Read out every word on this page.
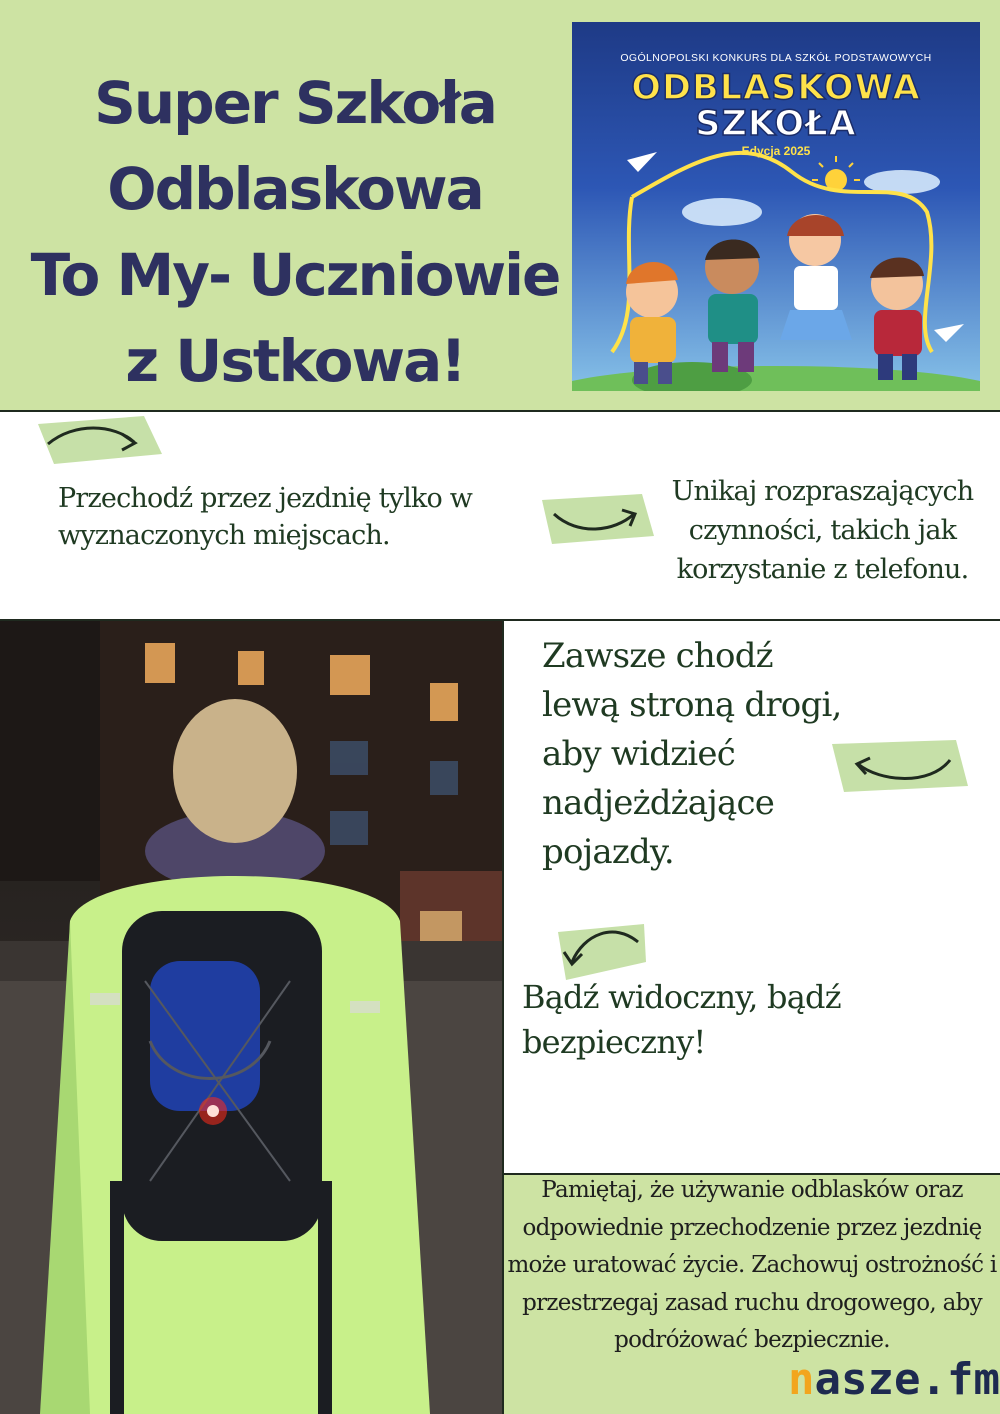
Super Szkoła
Odblaskowa
To My- Uczniowie
z Ustkowa!
OGÓLNOPOLSKI KONKURS DLA SZKÓŁ PODSTAWOWYCH
ODBLASKOWA
SZKOŁA
Edycja 2025
Przechodź przez jezdnię tylko w wyznaczonych miejscach.
Unikaj rozpraszających czynności, takich jak korzystanie z telefonu.
Zawsze chodź lewą stroną drogi, aby widzieć nadjeżdżające pojazdy.
Bądź widoczny, bądź bezpieczny!
Pamiętaj, że używanie odblasków oraz odpowiednie przechodzenie przez jezdnię może uratować życie. Zachowuj ostrożność i przestrzegaj zasad ruchu drogowego, aby podróżować bezpiecznie.
nasze.fm
